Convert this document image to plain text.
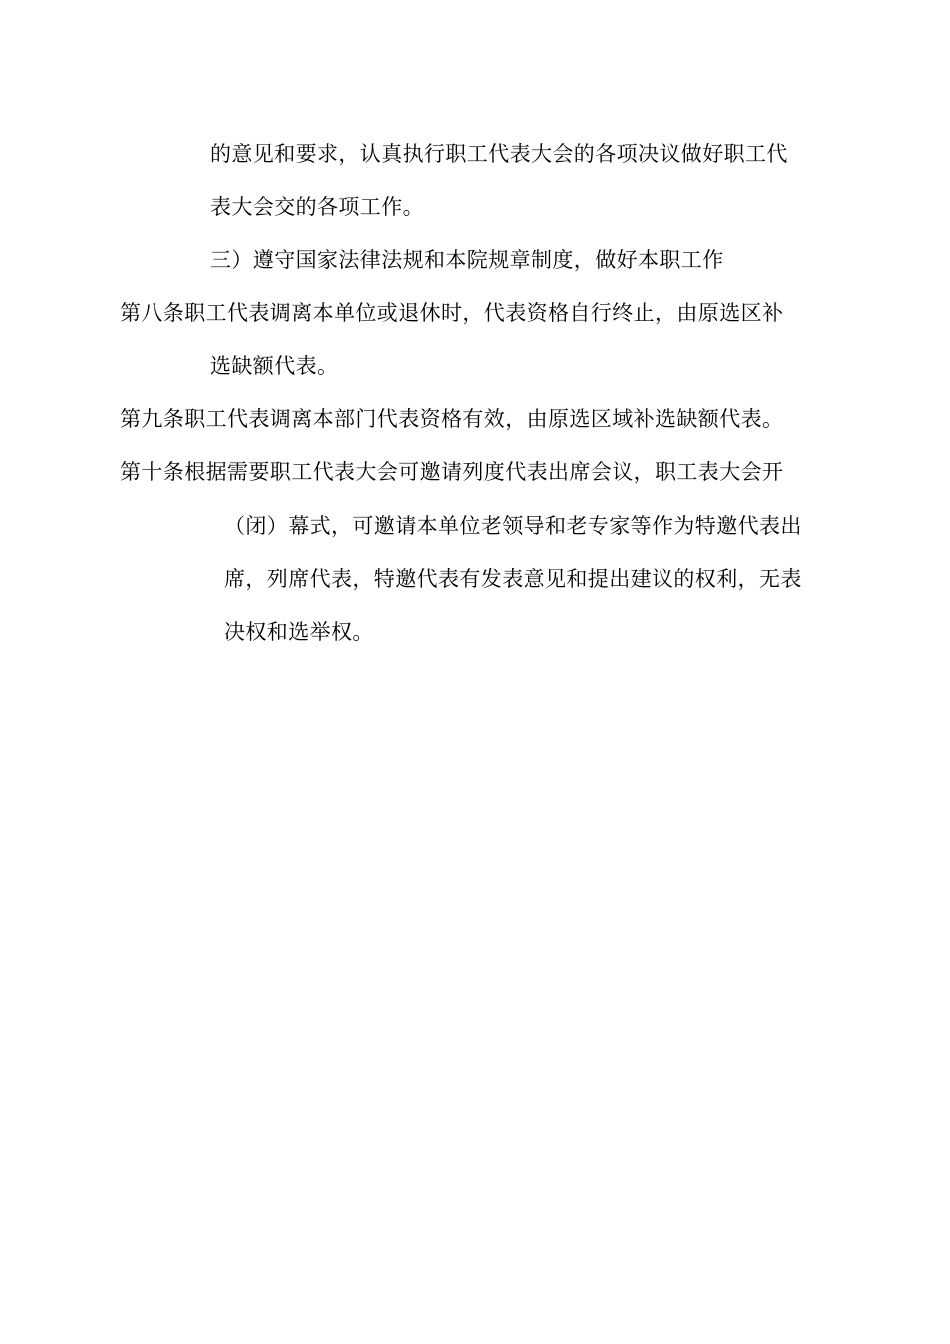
的意见和要求，认真执行职工代表大会的各项决议做好职工代
表大会交的各项工作。
三）遵守国家法律法规和本院规章制度，做好本职工作
第八条职工代表调离本单位或退休时，代表资格自行终止，由原选区补
选缺额代表。
第九条职工代表调离本部门代表资格有效，由原选区域补选缺额代表。
第十条根据需要职工代表大会可邀请列度代表出席会议，职工表大会开
（闭）幕式，可邀请本单位老领导和老专家等作为特邀代表出
席，列席代表，特邀代表有发表意见和提出建议的权利，无表
决权和选举权。
